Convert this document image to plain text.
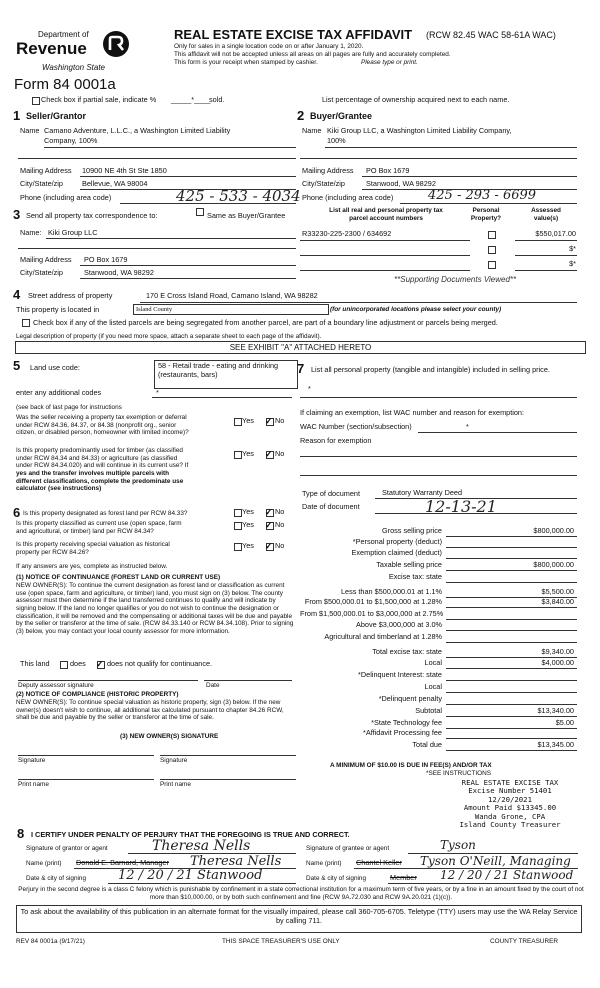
Department of
Revenue
Washington State
Form 84 0001a
REAL ESTATE EXCISE TAX AFFIDAVIT (RCW 82.45 WAC 58-61A WAC)
Only for sales in a single location code on or after January 1, 2020.
This affidavit will not be accepted unless all areas on all pages are fully and accurately completed.
This form is your receipt when stamped by cashier.	Please type or print.
Check box if partial sale, indicate % _____*____
sold.	List percentage of ownership acquired next to each name.
1 Seller/Grantor
Name Camano Adventure, L.L.C., a Washington Limited Liability
Company, 100%
Mailing Address 10900 NE 4th St Ste 1850
City/State/zip	Bellevue, WA 98004
Phone (including area code)	425 - 533 - 4034
2 Buyer/Grantee
Name Kiki Group LLC, a Washington Limited Liability Company,
100%
Mailing Address PO Box 1679
City/State/zip	Stanwood, WA 98292
Phone (including area code)	425 - 293 - 6699
3 Send all property tax correspondence to:	Same as Buyer/Grantee
Name: Kiki Group LLC
Mailing Address PO Box 1679
City/State/zip	Stanwood, WA 98292
List all real and personal property tax
parcel account numbers
Personal
Property?
Assessed
value(s)
R33230-225-2300 / 634692	$550,017.00
$*
$*
**Supporting Documents Viewed**
4 Street address of property	170 E Cross Island Road, Camano Island, WA 98282
This property is located in	Island County	(for unincorporated locations please select your county)
Check box if any of the listed parcels are being segregated from another parcel, are part of a boundary line adjustment or parcels being merged.
Legal description of property (if you need more space, attach a separate sheet to each page of the affidavit).
SEE EXHIBIT "A" ATTACHED HERETO
5 Land use code:	58 - Retail trade - eating and drinking
(restaurants, bars)
enter any additional codes	*
(see back of last page for instructions
Was the seller receiving a property tax exemption or deferral
under RCW 84.36, 84.37, or 84.38 (nonprofit org., senior
citizen, or disabled person, homeowner with limited income)?
Yes ✓ No
Is this property predominantly used for timber (as classified
under RCW 84.34 and 84.33) or agriculture (as classified
under RCW 84.34.020) and will continue in its current use? If
yes and the transfer involves multiple parcels with
different classifications, complete the predominate use
calculator (see instructions)
Yes ✓ No
6 Is this property designated as forest land per RCW 84.33?	Yes ✓ No
Is this property classified as current use (open space, farm
and agricultural, or timber) land per RCW 84.34?
Yes ✓ No
Is this property receiving special valuation as historical
property per RCW 84.26?
Yes ✓ No
If any answers are yes, complete as instructed below.
(1) NOTICE OF CONTINUANCE (FOREST LAND OR CURRENT USE)
NEW OWNER(S): To continue the current designation as forest land or classification as current use (open space, farm and agriculture, or timber) land, you must sign on (3) below. The county assessor must then determine if the land transferred continues to qualify and will indicate by signing below. If the land no longer qualifies or you do not wish to continue the designation or classification, it will be removed and the compensating or additional taxes will be due and payable by the seller or transferor at the time of sale. (RCW 84.33.140 or RCW 84.34.108). Prior to signing (3) below, you may contact your local county assessor for more information.
This land	does ✓ does not qualify for continuance.
Deputy assessor signature	Date
(2) NOTICE OF COMPLIANCE (HISTORIC PROPERTY)
NEW OWNER(S): To continue special valuation as historic property, sign (3) below. If the new owner(s) doesn't wish to continue, all additional tax calculated pursuant to chapter 84.26 RCW, shall be due and payable by the seller or transferor at the time of sale.
(3) NEW OWNER(S) SIGNATURE
Signature	Signature
Print name	Print name
7 List all personal property (tangible and intangible) included in selling price.
*
If claiming an exemption, list WAC number and reason for exemption:
WAC Number (section/subsection)	*
Reason for exemption
Type of document	Statutory Warranty Deed
Date of document	12-13-21
Gross selling price	$800,000.00
*Personal property (deduct)
Exemption claimed (deduct)
Taxable selling price	$800,000.00
Excise tax: state
Less than $500,000.01 at 1.1%	$5,500.00
From $500,000.01 to $1,500,000 at 1.28%	$3,840.00
From $1,500,000.01 to $3,000,000 at 2.75%
Above $3,000,000 at 3.0%
Agricultural and timberland at 1.28%
Total excise tax: state	$9,340.00
Local	$4,000.00
*Delinquent Interest: state
Local
*Delinquent penalty
Subtotal	$13,340.00
*State Technology fee	$5.00
*Affidavit Processing fee
Total due	$13,345.00
A MINIMUM OF $10.00 IS DUE IN FEE(S) AND/OR TAX
*SEE INSTRUCTIONS
REAL ESTATE EXCISE TAX
Excise Number 51401
12/20/2021
Amount Paid $13345.00
Wanda Grone, CPA
Island County Treasurer
8 I CERTIFY UNDER PENALTY OF PERJURY THAT THE FOREGOING IS TRUE AND CORRECT.
Signature of grantor or agent	Theresa Nells	Signature of grantee or agent	Tyson
Name (print) Donald E. Barnard, Manager Theresa Nells	Name (print) Chantel Keller Tyson O'Neill, Managing
Date & city of signing 12 / 20 / 21 Stanwood	Date & city of signing	Member 12 / 20 / 21 Stanwood
Perjury in the second degree is a class C felony which is punishable by confinement in a state correctional institution for a maximum term of five years, or by a fine in an amount fixed by the court of not more than $10,000.00, or by both such confinement and fine (RCW 9A.72.030 and RCW 9A.20.021 (1)(c)).
To ask about the availability of this publication in an alternate format for the visually impaired, please call 360-705-6705. Teletype (TTY) users may use the WA Relay Service by calling 711.
REV 84 0001a (9/17/21)	THIS SPACE TREASURER'S USE ONLY	COUNTY TREASURER
